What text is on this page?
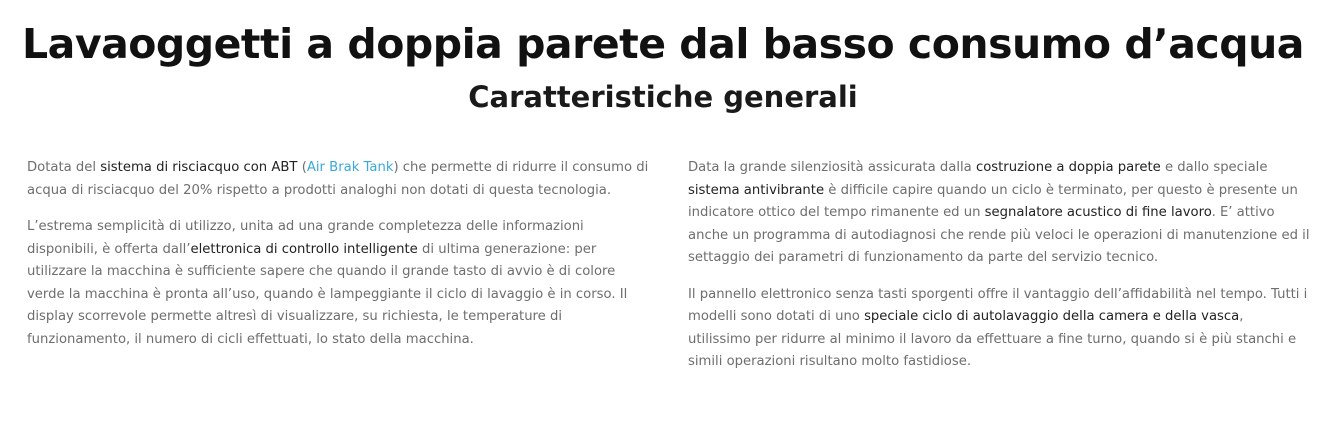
Lavaoggetti a doppia parete dal basso consumo d’acqua
Caratteristiche generali

Dotata del sistema di risciacquo con ABT (Air Brak Tank) che permette di ridurre il consumo di acqua di risciacquo del 20% rispetto a prodotti analoghi non dotati di questa tecnologia.

L’estrema semplicità di utilizzo, unita ad una grande completezza delle informazioni disponibili, è offerta dall’elettronica di controllo intelligente di ultima generazione: per utilizzare la macchina è sufficiente sapere che quando il grande tasto di avvio è di colore verde la macchina è pronta all’uso, quando è lampeggiante il ciclo di lavaggio è in corso. Il display scorrevole permette altresì di visualizzare, su richiesta, le temperature di funzionamento, il numero di cicli effettuati, lo stato della macchina.

Data la grande silenziosità assicurata dalla costruzione a doppia parete e dallo speciale sistema antivibrante è difficile capire quando un ciclo è terminato, per questo è presente un indicatore ottico del tempo rimanente ed un segnalatore acustico di fine lavoro. E’ attivo anche un programma di autodiagnosi che rende più veloci le operazioni di manutenzione ed il settaggio dei parametri di funzionamento da parte del servizio tecnico.

Il pannello elettronico senza tasti sporgenti offre il vantaggio dell’affidabilità nel tempo. Tutti i modelli sono dotati di uno speciale ciclo di autolavaggio della camera e della vasca, utilissimo per ridurre al minimo il lavoro da effettuare a fine turno, quando si è più stanchi e simili operazioni risultano molto fastidiose.
